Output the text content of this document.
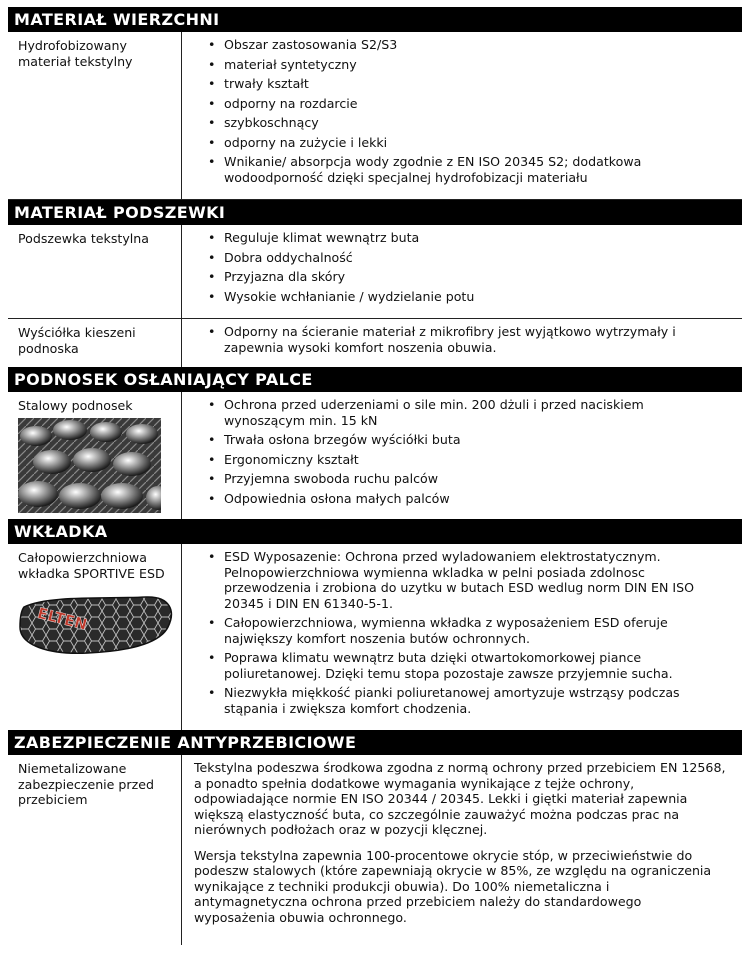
MATERIAŁ WIERZCHNI
Hydrofobizowany materiał tekstylny
• Obszar zastosowania S2/S3
• materiał syntetyczny
• trwały kształt
• odporny na rozdarcie
• szybkoschnący
• odporny na zużycie i lekki
• Wnikanie/ absorpcja wody zgodnie z EN ISO 20345 S2; dodatkowa wodoodporność dzięki specjalnej hydrofobizacji materiału
MATERIAŁ PODSZEWKI
Podszewka tekstylna	• Reguluje klimat wewnątrz buta
• Dobra oddychalność
• Przyjazna dla skóry
• Wysokie wchłanianie / wydzielanie potu
Wyściółka kieszeni podnoska
• Odporny na ścieranie materiał z mikrofibry jest wyjątkowo wytrzymały i zapewnia wysoki komfort noszenia obuwia.
PODNOSEK OSŁANIAJĄCY PALCE
Stalowy podnosek	• Ochrona przed uderzeniami o sile min. 200 dżuli i przed naciskiem wynoszącym min. 15 kN
• Trwała osłona brzegów wyściółki buta
• Ergonomiczny kształt
• Przyjemna swoboda ruchu palców
• Odpowiednia osłona małych palców
WKŁADKA
Całopowierzchniowa wkładka SPORTIVE ESD
ELTEN
• ESD Wyposazenie: Ochrona przed wyladowaniem elektrostatycznym. Pelnopowierzchniowa wymienna wkladka w pelni posiada zdolnosc przewodzenia i zrobiona do uzytku w butach ESD wedlug norm DIN EN ISO 20345 i DIN EN 61340-5-1.
• Całopowierzchniowa, wymienna wkładka z wyposażeniem ESD oferuje największy komfort noszenia butów ochronnych.
• Poprawa klimatu wewnątrz buta dzięki otwartokomorkowej piance poliuretanowej. Dzięki temu stopa pozostaje zawsze przyjemnie sucha.
• Niezwykła miękkość pianki poliuretanowej amortyzuje wstrząsy podczas stąpania i zwiększa komfort chodzenia.
ZABEZPIECZENIE ANTYPRZEBICIOWE
Niemetalizowane zabezpieczenie przed przebiciem

Tekstylna podeszwa środkowa zgodna z normą ochrony przed przebiciem EN 12568, a ponadto spełnia dodatkowe wymagania wynikające z tejże ochrony, odpowiadające normie EN ISO 20344 / 20345. Lekki i giętki materiał zapewnia większą elastyczność buta, co szczególnie zauważyć można podczas prac na nierównych podłożach oraz w pozycji klęcznej.

Wersja tekstylna zapewnia 100-procentowe okrycie stóp, w przeciwieństwie do podeszw stalowych (które zapewniają okrycie w 85%, ze względu na ograniczenia wynikające z techniki produkcji obuwia). Do 100% niemetaliczna i antymagnetyczna ochrona przed przebiciem należy do standardowego wyposażenia obuwia ochronnego.
